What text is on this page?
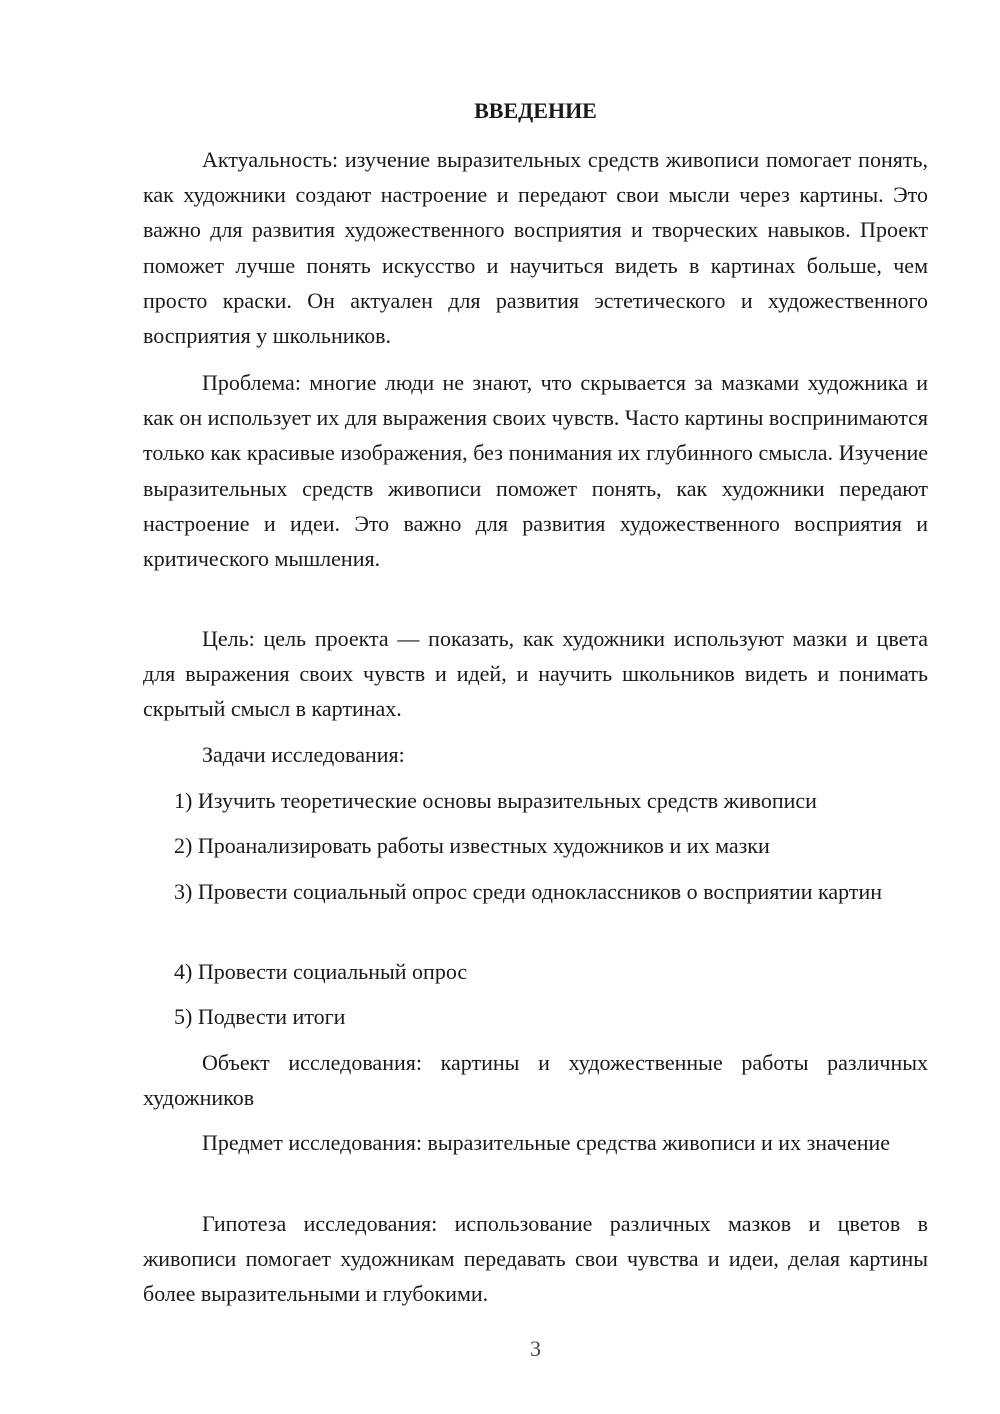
ВВЕДЕНИЕ

Актуальность: изучение выразительных средств живописи помогает понять, как художники создают настроение и передают свои мысли через картины. Это важно для развития художественного восприятия и творческих навыков. Проект поможет лучше понять искусство и научиться видеть в картинах больше, чем просто краски. Он актуален для развития эстетического и художественного восприятия у школьников.

Проблема: многие люди не знают, что скрывается за мазками художника и как он использует их для выражения своих чувств. Часто картины воспринимаются только как красивые изображения, без понимания их глубинного смысла. Изучение выразительных средств живописи поможет понять, как художники передают настроение и идеи. Это важно для развития художественного восприятия и критического мышления.

Цель: цель проекта — показать, как художники используют мазки и цвета для выражения своих чувств и идей, и научить школьников видеть и понимать скрытый смысл в картинах.

Задачи исследования:

1) Изучить теоретические основы выразительных средств живописи

2) Проанализировать работы известных художников и их мазки

3) Провести социальный опрос среди одноклассников о восприятии картин

4) Провести социальный опрос

5) Подвести итоги

Объект исследования: картины и художественные работы различных художников

Предмет исследования: выразительные средства живописи и их значение

Гипотеза исследования: использование различных мазков и цветов в живописи помогает художникам передавать свои чувства и идеи, делая картины более выразительными и глубокими.

3
